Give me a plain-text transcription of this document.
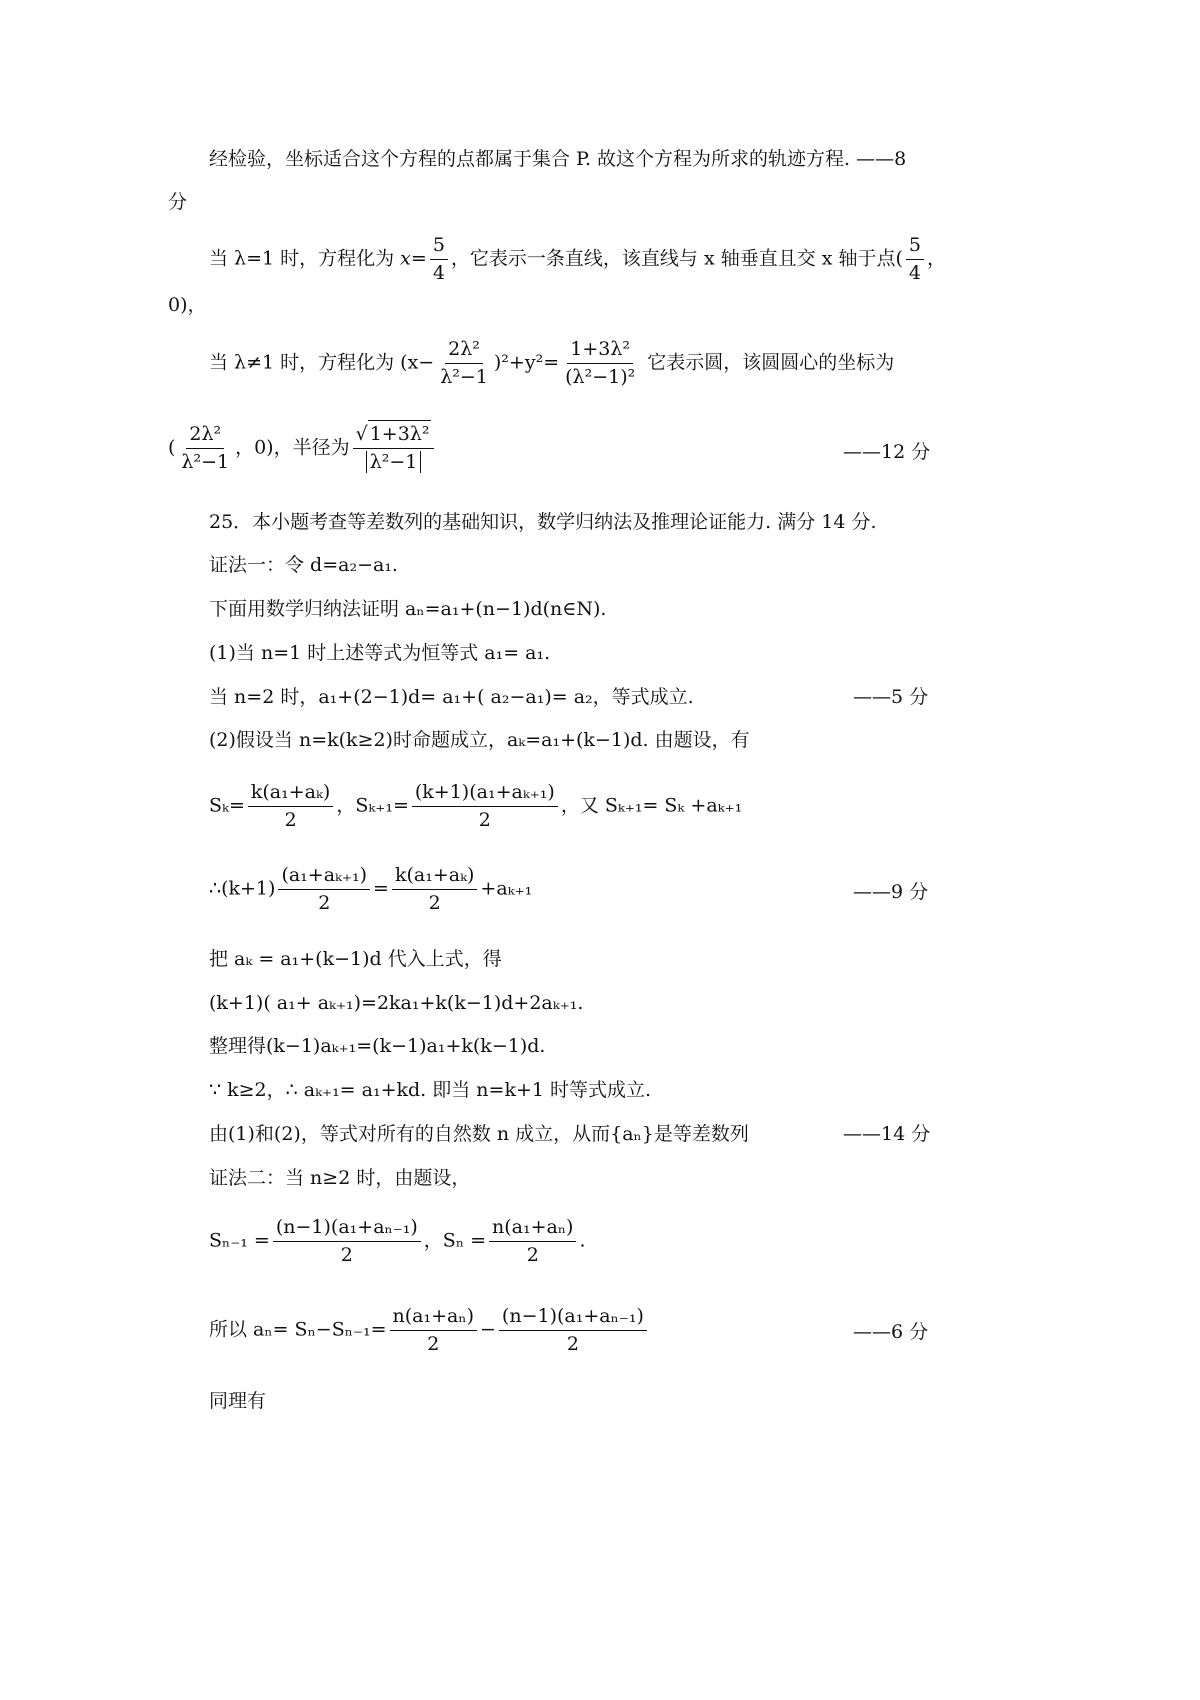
经检验，坐标适合这个方程的点都属于集合 P. 故这个方程为所求的轨迹方程. ——8
分
当 λ=1 时，方程化为 $x= \frac{5}{4}$ ，它表示一条直线，该直线与 x 轴垂直且交 x 轴于点( $\frac{5}{4}$ ，
0)，
当 λ≠1 时，方程化为 $(x- \frac{\text{2λ²}}{\text{λ²−1}} )^2+y^2= \frac{\text{1+3λ²}}{\text{(λ²−1)²}}$ 它表示圆，该圆圆心的坐标为
( $\frac{\text{2λ²}}{\text{λ²−1}}$ ，0)，半径为 $\frac{\text{√ 1+3λ²}}{\text{λ²−1}}$	——12 分
25．本小题考查等差数列的基础知识，数学归纳法及推理论证能力. 满分 14 分.
证法一：令 d=a₂−a₁.
下面用数学归纳法证明 aₙ=a₁+(n−1)d(n∈N).
(1)当 n=1 时上述等式为恒等式 a₁= a₁.
当 n=2 时，a₁+(2−1)d= a₁+( a₂−a₁)= a₂，等式成立.	——5 分
(2)假设当 n=k(k≥2)时命题成立，aₖ=a₁+(k−1)d. 由题设，有
$S_k= \frac{\text{k(a₁+aₖ)}}{2}$ ，$S_{k+1}= \frac{\text{(k+1)(a₁+aₖ₊₁)}}{2}$ ，又 Sₖ₊₁= Sₖ +aₖ₊₁
∴(k+1) $\frac{\text{(a₁+aₖ₊₁)}}{2} = \frac{\text{k(a₁+aₖ)}}{2} +a_{k+1}$	——9 分
把 aₖ = a₁+(k−1)d 代入上式，得
(k+1)( a₁+ aₖ₊₁)=2ka₁+k(k−1)d+2aₖ₊₁.
整理得(k−1)aₖ₊₁=(k−1)a₁+k(k−1)d.
∵ k≥2，∴ aₖ₊₁= a₁+kd. 即当 n=k+1 时等式成立.
由(1)和(2)，等式对所有的自然数 n 成立，从而{aₙ}是等差数列	——14 分
证法二：当 n≥2 时，由题设，
$S_{n-1} = \frac{\text{(n−1)(a₁+aₙ₋₁)}}{2}$ ，$S_n = \frac{\text{n(a₁+aₙ)}}{2}$ .
所以 $a_n= S_n-S_{n-1}= \frac{\text{n(a₁+aₙ)}}{2} - \frac{\text{(n−1)(a₁+aₙ₋₁)}}{2}$	——6 分
同理有
